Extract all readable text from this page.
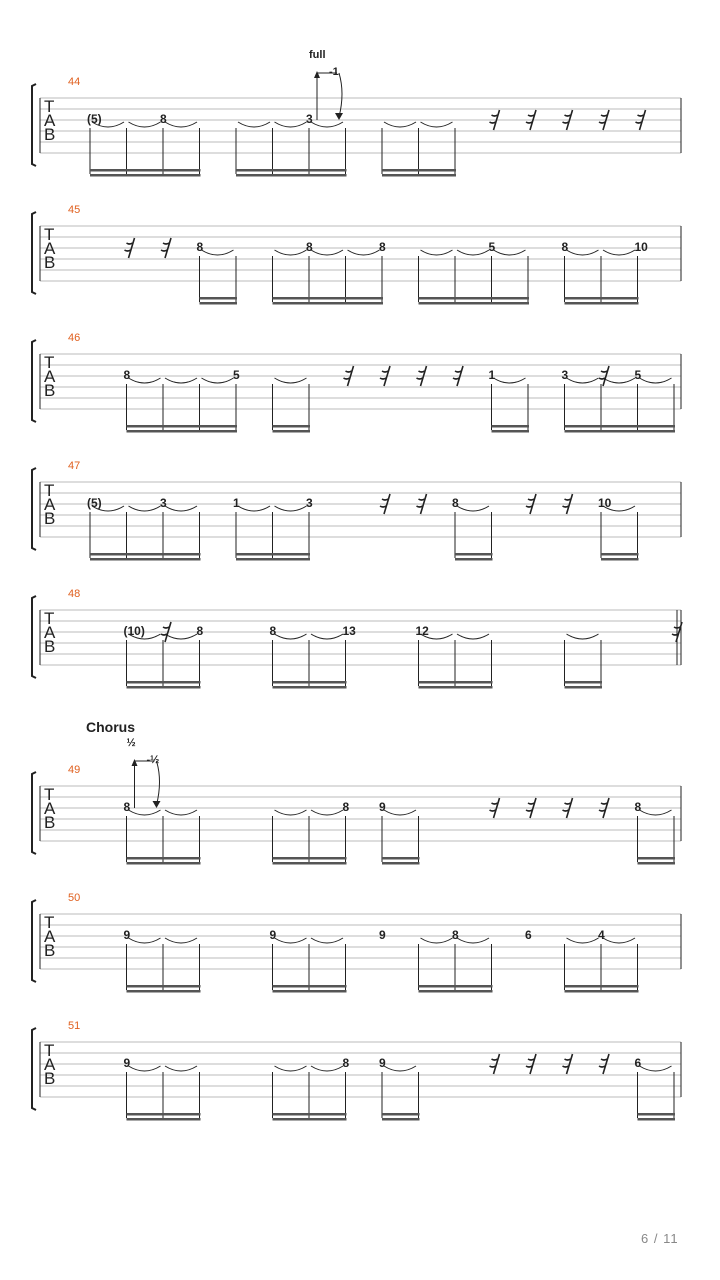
Chorus
T
A
B
44
(5)	8	3
full
-1
T
A
B
45
8	8	8	5	8	10
T
A
B
46
8	5	1	3	5
T
A
B
47
(5)	3	1	3	8	10
T
A
B
48
(10)	8	8	13	12
T
A
B
49
8	8 9	8
½
-½
T
A
B
50
9	9	9	8	6	4
T
A
B
51
9	8 9	6
6 / 11
